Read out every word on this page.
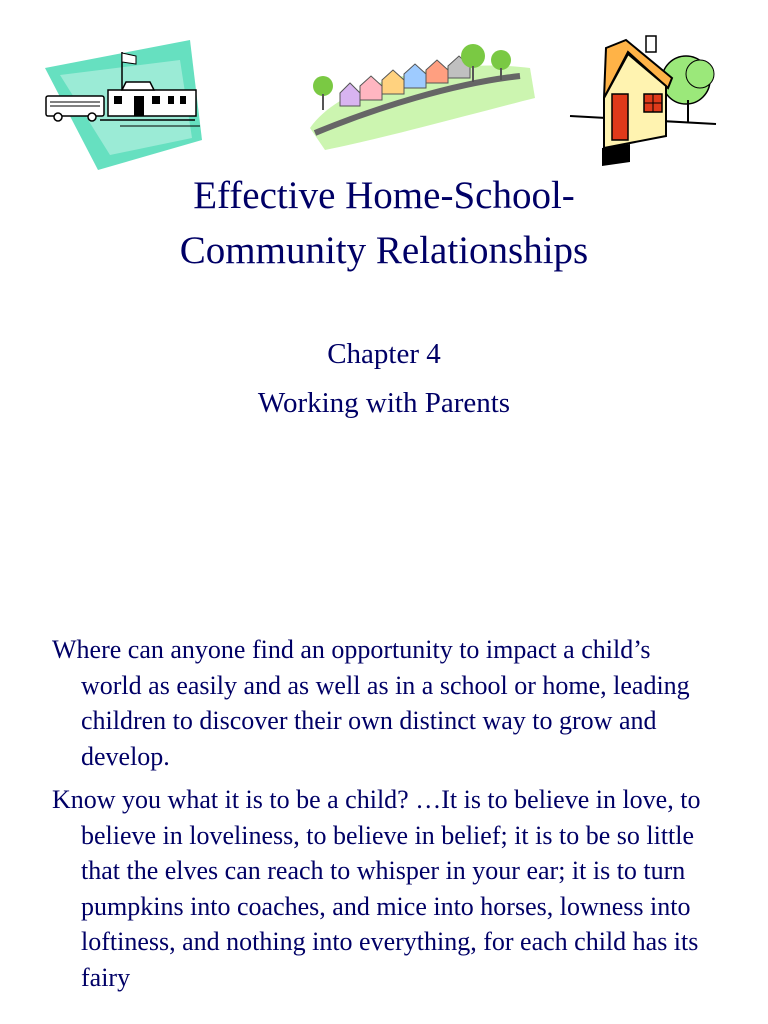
Effective Home-School-
Community Relationships
Chapter 4
Working with Parents

Where can anyone find an opportunity to impact a child’s world as easily and as well as in a school or home, leading children to discover their own distinct way to grow and develop.

Know you what it is to be a child? …It is to believe in love, to believe in loveliness, to believe in belief; it is to be so little that the elves can reach to whisper in your ear; it is to turn pumpkins into coaches, and mice into horses, lowness into loftiness, and nothing into everything, for each child has its fairy
